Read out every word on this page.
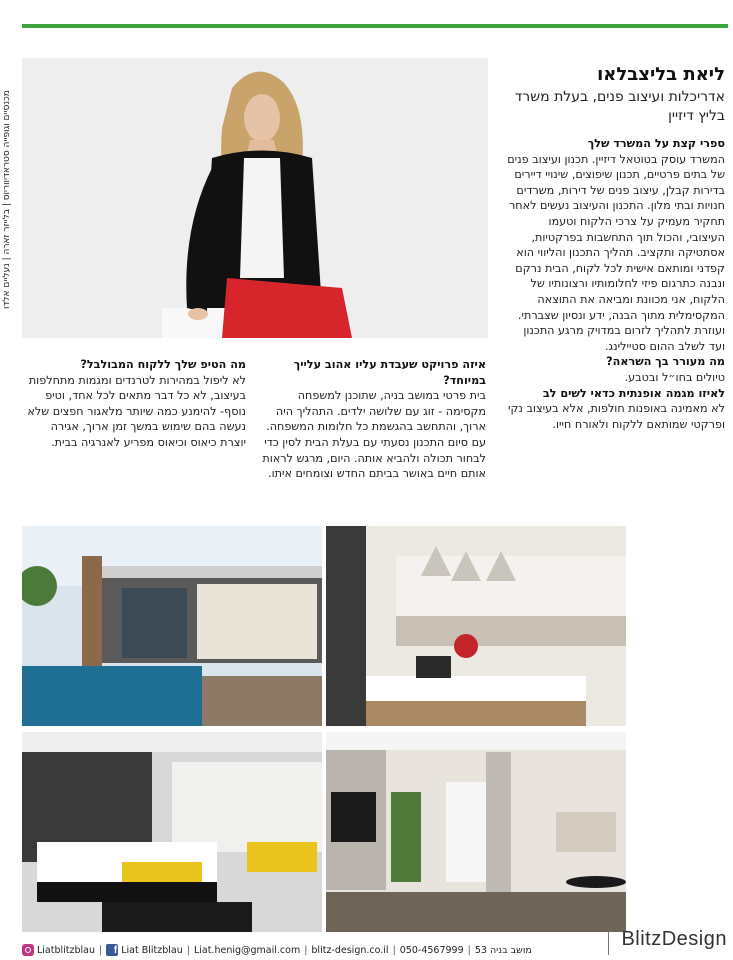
מכנסיים וגופייה סטראדיווריוס | בלייזר זארה | נעליים אלדו
ליאת בליצבלאו

אדריכלות ועיצוב פנים, בעלת משרד בליץ דיזיין

ספרי קצת על המשרד שלך

המשרד עוסק בטוטאל דיזיין. תכנון ועיצוב פנים של בתים פרטיים, תכנון שיפוצים, שינויי דיירים בדירות קבלן, עיצוב פנים של דירות, משרדים חנויות ובתי מלון. התכנון והעיצוב נעשים לאחר תחקיר מעמיק על צרכי הלקוח וטעמו העיצובי, והכול תוך התחשבות בפרקטיות, אסתטיקה ותקציב. תהליך התכנון והליווי הוא קפדני ומותאם אישית לכל לקוח, הבית נרקם ונבנה כתרגום פיזי לחלומותיו ורצונותיו של הלקוח, אני מכוונת ומביאה את התוצאה המקסימלית מתוך הבנה, ידע ונסיון שצברתי. ועוזרת לתהליך לזרום במדויק מרגע התכנון ועד לשלב ההום סטיילינג.

מה מעורר בך השראה?

טיולים בחו״ל ובטבע.

לאיזו מגמה אופנתית כדאי לשים לב

לא מאמינה באופנות חולפות, אלא בעיצוב נקי ופרקטי שמותאם ללקוח ולאורח חייו.

איזה פרויקט שעבדת עליו אהוב עלייך במיוחד?

בית פרטי במושב בניה, שתוכנן למשפחה מקסימה - זוג עם שלושה ילדים. התהליך היה ארוך, והתחשב בהגשמת כל חלומות המשפחה. עם סיום התכנון נסעתי עם בעלת הבית לסין כדי לבחור תכולה ולהביא אותה. היום, מרגש לראות אותם חיים באושר בביתם החדש וצומחים איתו.

מה הטיפ שלך ללקוח המבולבל?

לא ליפול במהירות לטרנדים ומגמות מתחלפות בעיצוב, לא כל דבר מתאים לכל אחד, וטיפ נוסף- להימנע כמה שיותר מלאגור חפצים שלא נעשה בהם שימוש במשך זמן ארוך, אגירה יוצרת כיאוס וכיאוס מפריע לאנרגיה בבית.

Liatblitzblau |	f Liat Blitzblau | Liat.henig@gmail.com | blitz-design.co.il | 050-4567999 | מושב בניה 53	BlitzDesign
